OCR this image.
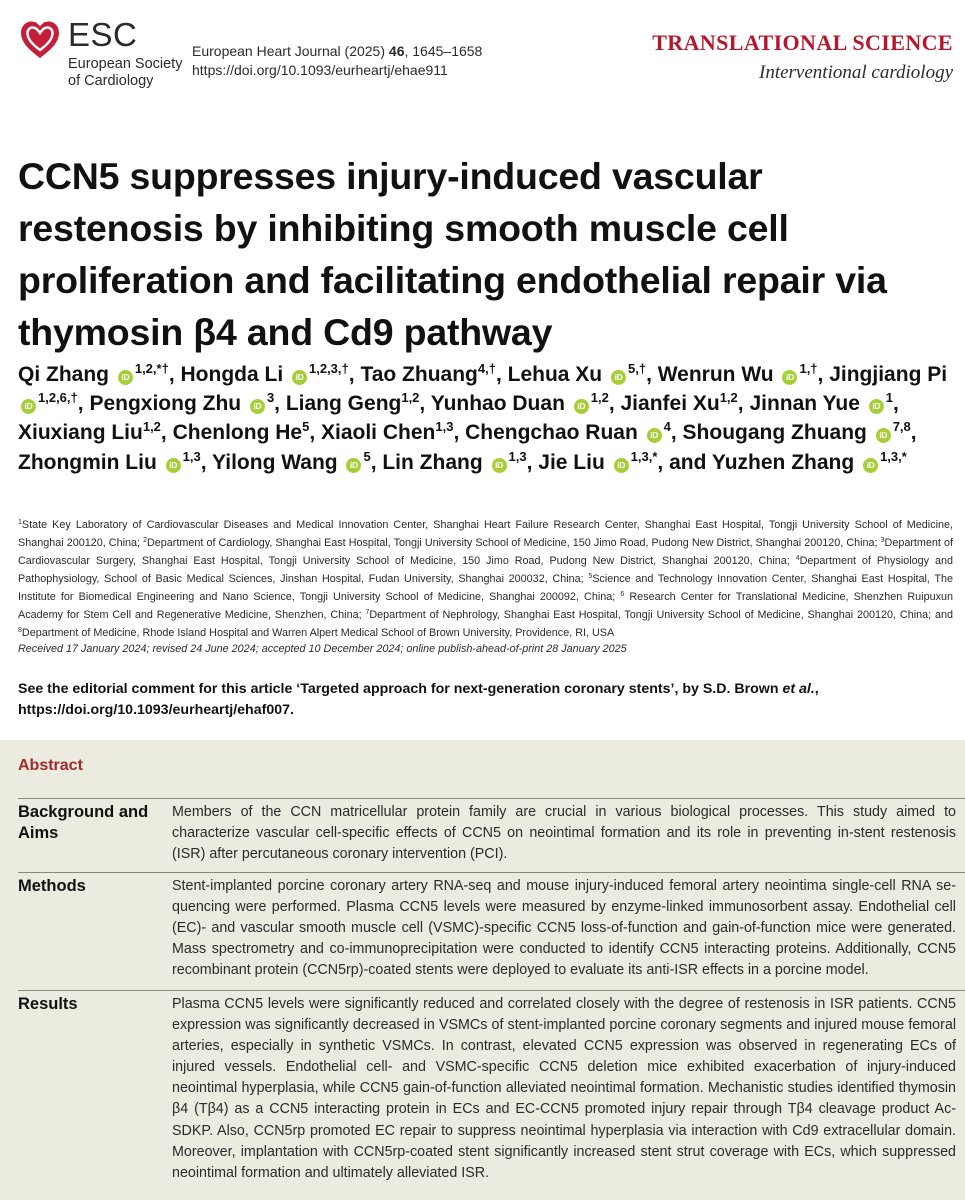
ESC
European Society
of Cardiology
European Heart Journal (2025) 46, 1645–1658
https://doi.org/10.1093/eurheartj/ehae911
TRANSLATIONAL SCIENCE
Interventional cardiology
CCN5 suppresses injury-induced vascular restenosis by inhibiting smooth muscle cell proliferation and facilitating endothelial repair via thymosin β4 and Cd9 pathway
Qi Zhang $iD^{1,2,*\dagger}$, Hongda Li $iD^{1,2,3,\dagger}$, Tao Zhuang$^{4,\dagger}$, Lehua Xu $iD^{5,\dagger}$, Wenrun Wu $iD^{1,\dagger}$, Jingjiang Pi $iD^{1,2,6,\dagger}$, Pengxiong Zhu $iD^3$, Liang Geng$^{1,2}$, Yunhao Duan iD$^{1,2}$, Jianfei Xu$^{1,2}$, Jinnan Yue $iD^1$, Xiuxiang Liu$^{1,2}$, Chenlong He$^5$, Xiaoli Chen$^{1,3}$, Chengchao Ruan $iD^4$, Shougang Zhuang iD$^{7,8}$, Zhongmin Liu iD$^{1,3}$, Yilong Wang $iD^5$, Lin Zhang iD$^{1,3}$, Jie Liu $iD^{1,3,*}$, and Yuzhen Zhang $iD^{1,3,*}$
$^1$State Key Laboratory of Cardiovascular Diseases and Medical Innovation Center, Shanghai Heart Failure Research Center, Shanghai East Hospital, Tongji University School of Medicine, Shanghai 200120, China; $^2$Department of Cardiology, Shanghai East Hospital, Tongji University School of Medicine, 150 Jimo Road, Pudong New District, Shanghai 200120, China; $^3$Department of Cardiovascular Surgery, Shanghai East Hospital, Tongji University School of Medicine, 150 Jimo Road, Pudong New District, Shanghai 200120, China; $^4$Department of Physiology and Pathophysiology, School of Basic Medical Sciences, Jinshan Hospital, Fudan University, Shanghai 200032, China; $^5$Science and Technology Innovation Center, Shanghai East Hospital, The Institute for Biomedical Engineering and Nano Science, Tongji University School of Medicine, Shanghai 200092, China; $^6$ Research Center for Translational Medicine, Shenzhen Ruipuxun Academy for Stem Cell and Regenerative Medicine, Shenzhen, China; $^7$Department of Nephrology, Shanghai East Hospital, Tongji University School of Medicine, Shanghai 200120, China; and $^8$Department of Medicine, Rhode Island Hospital and Warren Alpert Medical School of Brown University, Providence, RI, USA
Received 17 January 2024; revised 24 June 2024; accepted 10 December 2024; online publish-ahead-of-print 28 January 2025
See the editorial comment for this article ‘Targeted approach for next-generation coronary stents’, by S.D. Brown et al., https://doi.org/10.1093/eurheartj/ehaf007.
Abstract
Background and Aims
Members of the CCN matricellular protein family are crucial in various biological processes. This study aimed to characterize vascular cell-specific effects of CCN5 on neointimal formation and its role in preventing in-stent restenosis (ISR) after percutaneous coronary intervention (PCI).
Methods	Stent-implanted porcine coronary artery RNA-seq and mouse injury-induced femoral artery neointima single-cell RNA sequencing were performed. Plasma CCN5 levels were measured by enzyme-linked immunosorbent assay. Endothelial cell (EC)- and vascular smooth muscle cell (VSMC)-specific CCN5 loss-of-function and gain-of-function mice were generated. Mass spectrometry and co-immunoprecipitation were conducted to identify CCN5 interacting proteins. Additionally, CCN5 recombinant protein (CCN5rp)-coated stents were deployed to evaluate its anti-ISR effects in a porcine model.
Results	Plasma CCN5 levels were significantly reduced and correlated closely with the degree of restenosis in ISR patients. CCN5 expression was significantly decreased in VSMCs of stent-implanted porcine coronary segments and injured mouse femoral arteries, especially in synthetic VSMCs. In contrast, elevated CCN5 expression was observed in regenerating ECs of injured vessels. Endothelial cell- and VSMC-specific CCN5 deletion mice exhibited exacerbation of injury-induced neointimal hyperplasia, while CCN5 gain-of-function alleviated neointimal formation. Mechanistic studies identified thymosin β4 (Tβ4) as a CCN5 interacting protein in ECs and EC-CCN5 promoted injury repair through Tβ4 cleavage product Ac-SDKP. Also, CCN5rp promoted EC repair to suppress neointimal hyperplasia via interaction with Cd9 extracellular domain. Moreover, implantation with CCN5rp-coated stent significantly increased stent strut coverage with ECs, which suppressed neointimal formation and ultimately alleviated ISR.
